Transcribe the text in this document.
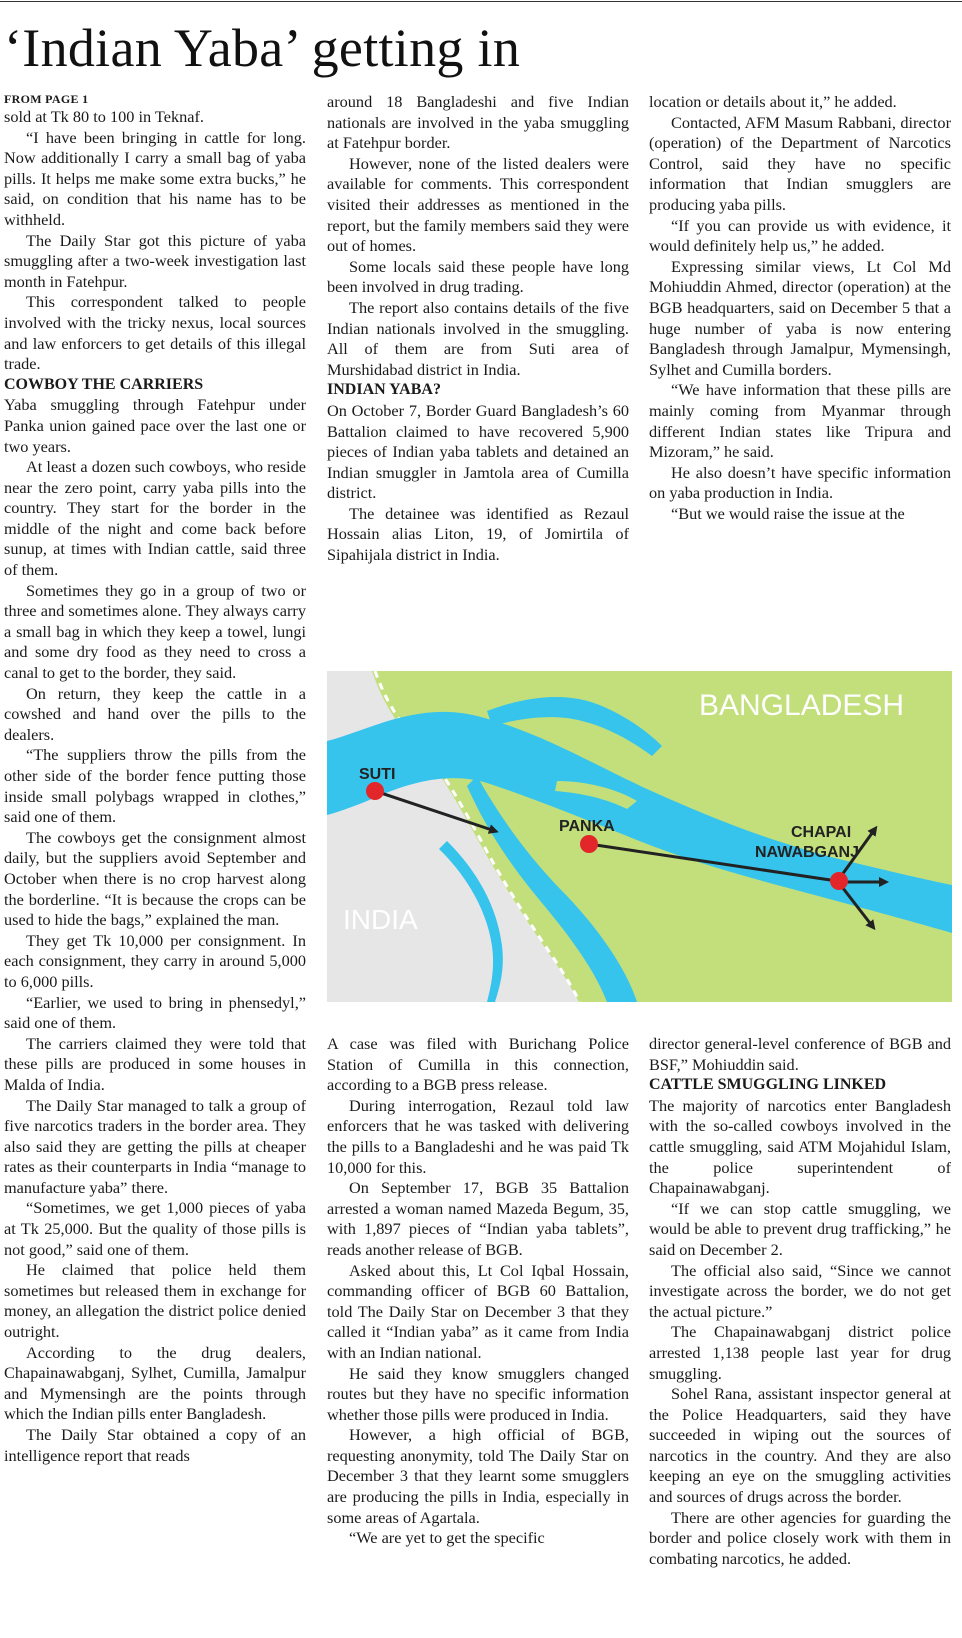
‘Indian Yaba’ getting in
FROM PAGE 1

sold at Tk 80 to 100 in Teknaf.

“I have been bringing in cattle for long. Now additionally I carry a small bag of yaba pills. It helps me make some extra bucks,” he said, on condition that his name has to be withheld.

The Daily Star got this picture of yaba smuggling after a two-week investigation last month in Fatehpur.

This correspondent talked to people involved with the tricky nexus, local sources and law enforcers to get details of this illegal trade.

COWBOY THE CARRIERS

Yaba smuggling through Fatehpur under Panka union gained pace over the last one or two years.

At least a dozen such cowboys, who reside near the zero point, carry yaba pills into the country. They start for the border in the middle of the night and come back before sunup, at times with Indian cattle, said three of them.

Sometimes they go in a group of two or three and sometimes alone. They always carry a small bag in which they keep a towel, lungi and some dry food as they need to cross a canal to get to the border, they said.

On return, they keep the cattle in a cowshed and hand over the pills to the dealers.

“The suppliers throw the pills from the other side of the border fence putting those inside small polybags wrapped in clothes,” said one of them.

The cowboys get the consignment almost daily, but the suppliers avoid September and October when there is no crop harvest along the borderline. “It is because the crops can be used to hide the bags,” explained the man.

They get Tk 10,000 per consignment. In each consignment, they carry in around 5,000 to 6,000 pills.

“Earlier, we used to bring in phensedyl,” said one of them.

The carriers claimed they were told that these pills are produced in some houses in Malda of India.

The Daily Star managed to talk a group of five narcotics traders in the border area. They also said they are getting the pills at cheaper rates as their counterparts in India “manage to manufacture yaba” there.

“Sometimes, we get 1,000 pieces of yaba at Tk 25,000. But the quality of those pills is not good,” said one of them.

He claimed that police held them sometimes but released them in exchange for money, an allegation the district police denied outright.

According to the drug dealers, Chapainawabganj, Sylhet, Cumilla, Jamalpur and Mymensingh are the points through which the Indian pills enter Bangladesh.

The Daily Star obtained a copy of an intelligence report that reads

around 18 Bangladeshi and five Indian nationals are involved in the yaba smuggling at Fatehpur border.

However, none of the listed dealers were available for comments. This correspondent visited their addresses as mentioned in the report, but the family members said they were out of homes.

Some locals said these people have long been involved in drug trading.

The report also contains details of the five Indian nationals involved in the smuggling. All of them are from Suti area of Murshidabad district in India.

INDIAN YABA?

On October 7, Border Guard Bangladesh’s 60 Battalion claimed to have recovered 5,900 pieces of Indian yaba tablets and detained an Indian smuggler in Jamtola area of Cumilla district.

The detainee was identified as Rezaul Hossain alias Liton, 19, of Jomirtila of Sipahijala district in India.

location or details about it,” he added.

Contacted, AFM Masum Rabbani, director (operation) of the Department of Narcotics Control, said they have no specific information that Indian smugglers are producing yaba pills.

“If you can provide us with evidence, it would definitely help us,” he added.

Expressing similar views, Lt Col Md Mohiuddin Ahmed, director (operation) at the BGB headquarters, said on December 5 that a huge number of yaba is now entering Bangladesh through Jamalpur, Mymensingh, Sylhet and Cumilla borders.

“We have information that these pills are mainly coming from Myanmar through different Indian states like Tripura and Mizoram,” he said.

He also doesn’t have specific information on yaba production in India.

“But we would raise the issue at the

BANGLADESH
INDIA
SUTI
PANKA	CHAPAI
NAWABGANJ

A case was filed with Burichang Police Station of Cumilla in this connection, according to a BGB press release.

During interrogation, Rezaul told law enforcers that he was tasked with delivering the pills to a Bangladeshi and he was paid Tk 10,000 for this.

On September 17, BGB 35 Battalion arrested a woman named Mazeda Begum, 35, with 1,897 pieces of “Indian yaba tablets”, reads another release of BGB.

Asked about this, Lt Col Iqbal Hossain, commanding officer of BGB 60 Battalion, told The Daily Star on December 3 that they called it “Indian yaba” as it came from India with an Indian national.

He said they know smugglers changed routes but they have no specific information whether those pills were produced in India.

However, a high official of BGB, requesting anonymity, told The Daily Star on December 3 that they learnt some smugglers are producing the pills in India, especially in some areas of Agartala.

“We are yet to get the specific

director general-level conference of BGB and BSF,” Mohiuddin said.

CATTLE SMUGGLING LINKED

The majority of narcotics enter Bangladesh with the so-called cowboys involved in the cattle smuggling, said ATM Mojahidul Islam, the police superintendent of Chapainawabganj.

“If we can stop cattle smuggling, we would be able to prevent drug trafficking,” he said on December 2.

The official also said, “Since we cannot investigate across the border, we do not get the actual picture.”

The Chapainawabganj district police arrested 1,138 people last year for drug smuggling.

Sohel Rana, assistant inspector general at the Police Headquarters, said they have succeeded in wiping out the sources of narcotics in the country. And they are also keeping an eye on the smuggling activities and sources of drugs across the border.

There are other agencies for guarding the border and police closely work with them in combating narcotics, he added.
